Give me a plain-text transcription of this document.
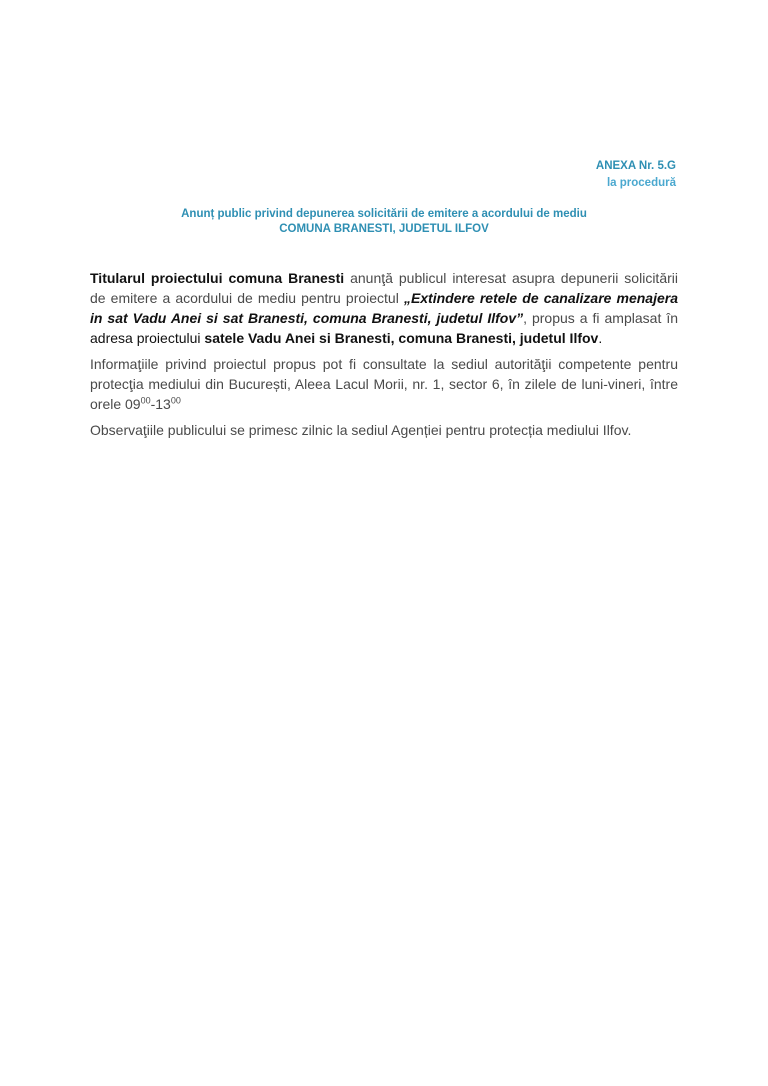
ANEXA Nr. 5.G
la procedură
Anunț public privind depunerea solicitării de emitere a acordului de mediu
COMUNA BRANESTI, JUDETUL ILFOV

Titularul proiectului comuna Branesti anunţă publicul interesat asupra depunerii solicitării de emitere a acordului de mediu pentru proiectul „Extindere retele de canalizare menajera in sat Vadu Anei si sat Branesti, comuna Branesti, judetul Ilfov”, propus a fi amplasat în adresa proiectului satele Vadu Anei si Branesti, comuna Branesti, judetul Ilfov.

Informaţiile privind proiectul propus pot fi consultate la sediul autorităţii competente pentru protecţia mediului din București, Aleea Lacul Morii, nr. 1, sector 6, în zilele de luni-vineri, între orele $09^{00}-13^{00}$

Observaţiile publicului se primesc zilnic la sediul Agenției pentru protecția mediului Ilfov.
